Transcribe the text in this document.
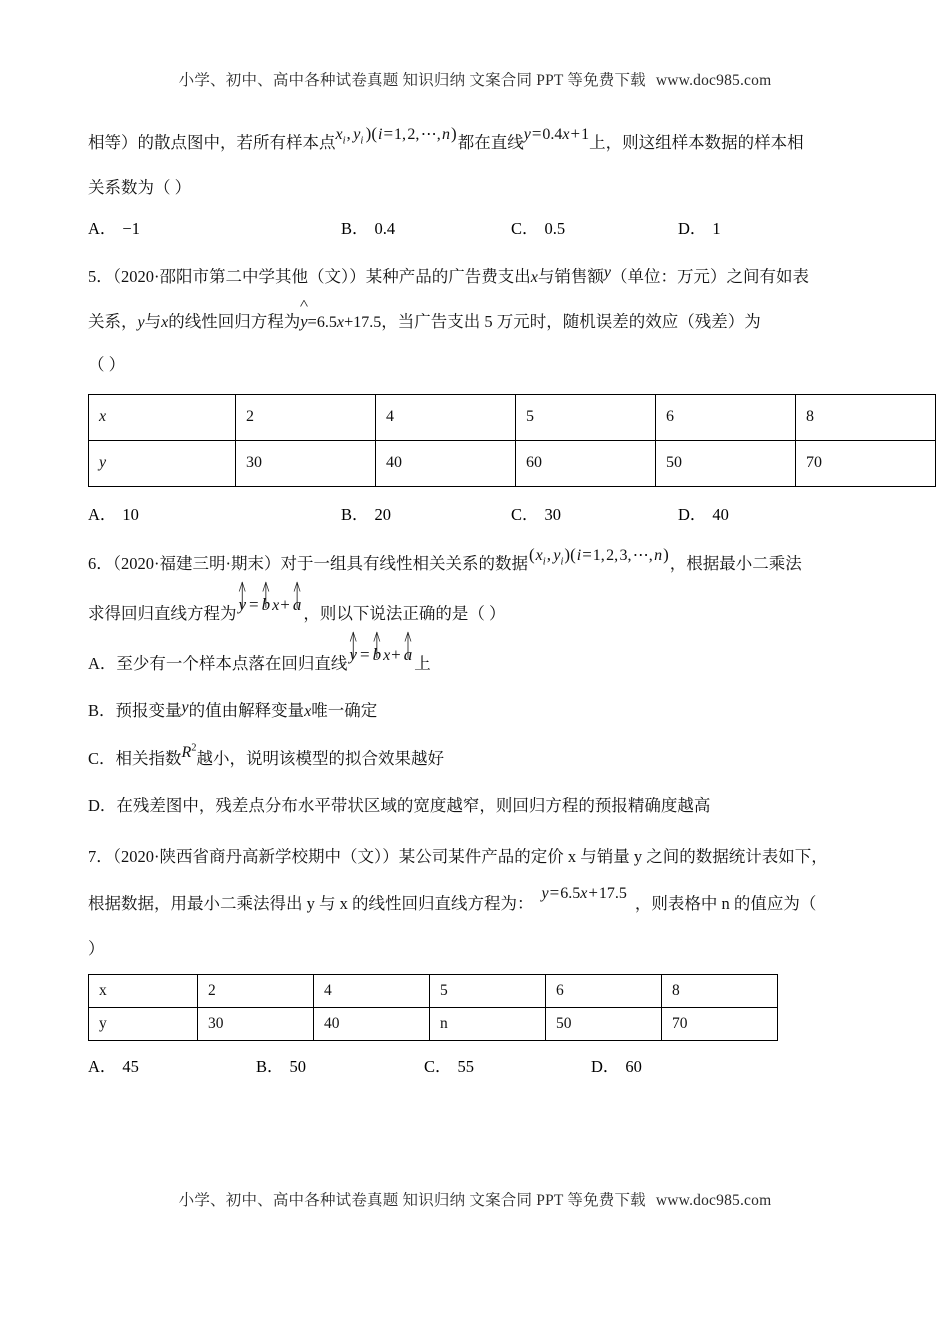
小学、初中、高中各种试卷真题 知识归纳 文案合同 PPT 等免费下载 www.doc985.com

相等）的散点图中，若所有样本点$x_i$,  $y_i$  )(i=1, 2, ⋯, n)都在直线y=0.4x+1上，则这组样本数据的样本相

关系数为（ ）

A． −1	B． 0.4	C． 0.5	D． 1

5．（2020·邵阳市第二中学其他（文））某种产品的广告费支出x与销售额y（单位：万元）之间有如表

关系，y与x的线性回归方程为^ y=6.5x+17.5，当广告支出 5 万元时，随机误差的效应（残差）为

（ ）

x	2	4	5	6	8
y	30	40	60	50	70
A． 10	B． 20	C． 30	D． 40

6．（2020·福建三明·期末）对于一组具有线性相关关系的数据($x_i$,  $y_i)(i=1$, 2, 3, ⋯, n)，根据最小二乘法

求得回归直线方程为 | y ^ = | b ^ x+ | a ^ ，则以下说法正确的是（ ）

A．至少有一个样本点落在回归直线 | y ^ = | b ^ x+ | a ^ 上

B．预报变量y的值由解释变量x唯一确定

C．相关指数$R^2$越小，说明该模型的拟合效果越好

D．在残差图中，残差点分布水平带状区域的宽度越窄，则回归方程的预报精确度越高

7．（2020·陕西省商丹高新学校期中（文））某公司某件产品的定价 x 与销量 y 之间的数据统计表如下，

根据数据，用最小二乘法得出 y 与 x 的线性回归直线方程为：y=6.5x+17.5，则表格中 n 的值应为（

）

x	2	4	5	6	8
y	30	40	n	50	70
A． 45	B． 50	C． 55	D． 60
小学、初中、高中各种试卷真题 知识归纳 文案合同 PPT 等免费下载 www.doc985.com
